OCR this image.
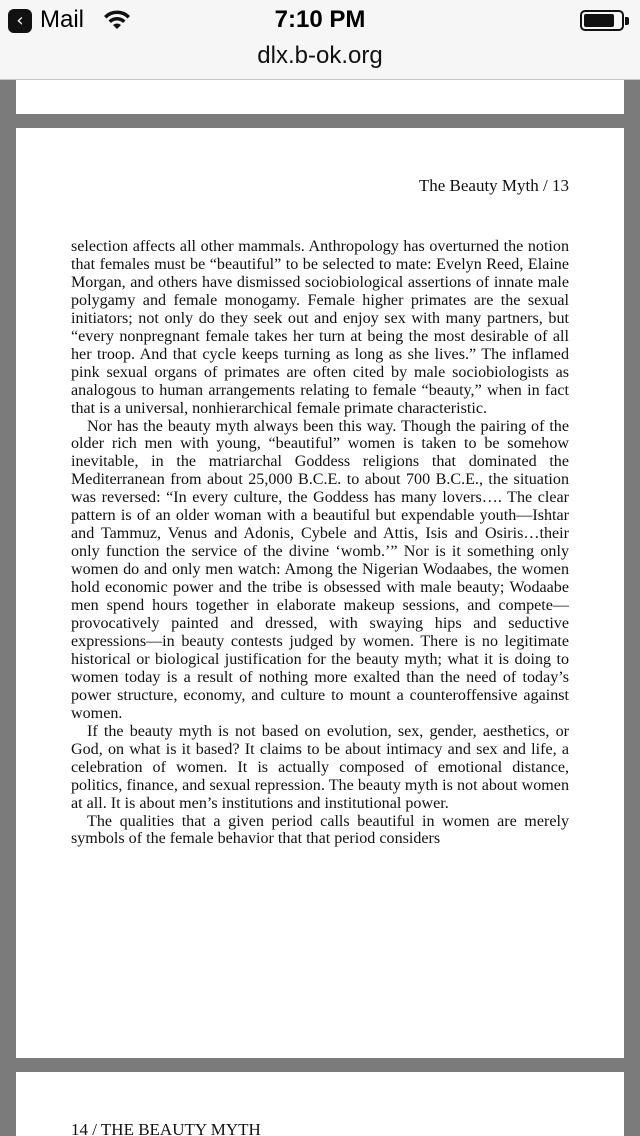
‹ Mail	7:10 PM
dlx.b-ok.org
The Beauty Myth / 13

selection affects all other mammals. Anthropology has overturned the notion that females must be “beautiful” to be selected to mate: Evelyn Reed, Elaine Morgan, and others have dismissed sociobiological assertions of innate male polygamy and female monogamy. Female higher primates are the sexual initiators; not only do they seek out and enjoy sex with many partners, but “every nonpregnant female takes her turn at being the most desirable of all her troop. And that cycle keeps turning as long as she lives.” The inflamed pink sexual organs of primates are often cited by male sociobiologists as analogous to human arrangements relating to female “beauty,” when in fact that is a universal, nonhierarchical female primate characteristic.

Nor has the beauty myth always been this way. Though the pairing of the older rich men with young, “beautiful” women is taken to be somehow inevitable, in the matriarchal Goddess religions that dominated the Mediterranean from about 25,000 B.C.E. to about 700 B.C.E., the situation was reversed: “In every culture, the Goddess has many lovers…. The clear pattern is of an older woman with a beautiful but expendable youth—Ishtar and Tammuz, Venus and Adonis, Cybele and Attis, Isis and Osiris…their only function the service of the divine ‘womb.’” Nor is it something only women do and only men watch: Among the Nigerian Wodaabes, the women hold economic power and the tribe is obsessed with male beauty; Wodaabe men spend hours together in elaborate makeup sessions, and compete—provocatively painted and dressed, with swaying hips and seductive expressions—in beauty contests judged by women. There is no legitimate historical or biological justification for the beauty myth; what it is doing to women today is a result of nothing more exalted than the need of today’s power structure, economy, and culture to mount a counteroffensive against women.

If the beauty myth is not based on evolution, sex, gender, aesthetics, or God, on what is it based? It claims to be about intimacy and sex and life, a celebration of women. It is actually composed of emotional distance, politics, finance, and sexual repression. The beauty myth is not about women at all. It is about men’s institutions and institutional power.

The qualities that a given period calls beautiful in women are merely symbols of the female behavior that that period considers

14 / THE BEAUTY MYTH
